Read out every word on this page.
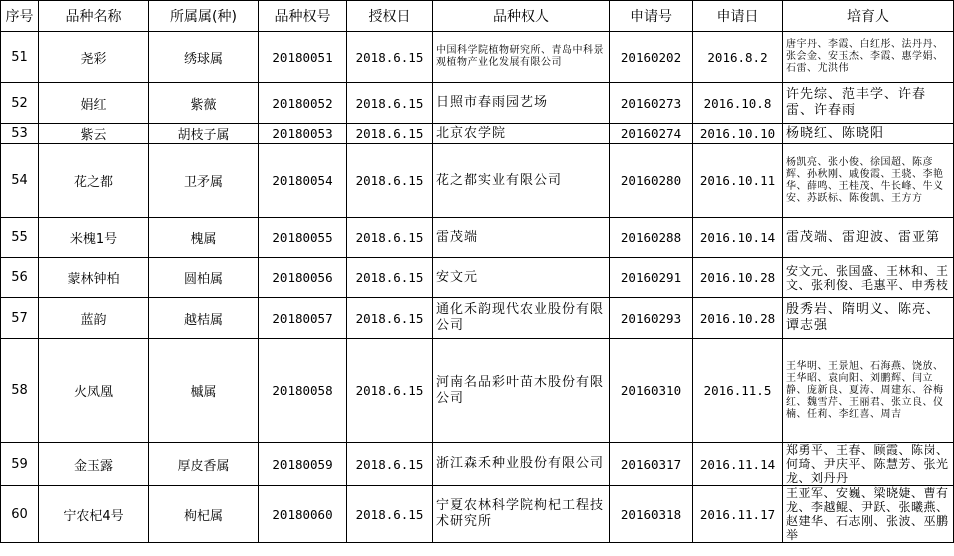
序号	品种名称	所属属(种)	品种权号	授权日	品种权人	申请号	申请日	培育人
51	尧彩	绣球属	20180051	2018.6.15	中国科学院植物研究所、青岛中科景观植物产业化发展有限公司	20160202	2016.8.2	唐宇丹、李霞、白红彤、法丹丹、张会金、安玉杰、李霞、惠学娟、石雷、尤洪伟
52	娟红	紫薇	20180052	2018.6.15	日照市春雨园艺场	20160273	2016.10.8	许先综、范丰学、许春雷、许春雨
53	紫云	胡枝子属	20180053	2018.6.15	北京农学院	20160274	2016.10.10	杨晓红、陈晓阳
54	花之都	卫矛属	20180054	2018.6.15	花之都实业有限公司	20160280	2016.10.11	杨凯亮、张小俊、徐国超、陈彦辉、孙秋刚、戚俊霞、王骁、李艳华、薛鸣、王桂茂、牛长峰、牛义安、苏跃标、陈俊凯、王方方
55	米槐1号	槐属	20180055	2018.6.15	雷茂端	20160288	2016.10.14	雷茂端、雷迎波、雷亚第
56	蒙林钟柏	圆柏属	20180056	2018.6.15	安文元	20160291	2016.10.28	安文元、张国盛、王林和、王文、张利俊、毛惠平、申秀枝
57	蓝韵	越桔属	20180057	2018.6.15	通化禾韵现代农业股份有限公司	20160293	2016.10.28	殷秀岩、隋明义、陈亮、谭志强
58	火凤凰	槭属	20180058	2018.6.15	河南名品彩叶苗木股份有限公司	20160310	2016.11.5	王华明、王景旭、石海燕、饶放、王华昭、袁向阳、刘鹏辉、闫立静、庞新良、夏涛、周建东、谷梅红、魏雪芹、王丽君、张立良、仪楠、任莉、李红喜、周吉
59	金玉露	厚皮香属	20180059	2018.6.15	浙江森禾种业股份有限公司	20160317	2016.11.14	郑勇平、王春、顾霞、陈岗、何琦、尹庆平、陈慧芳、张光龙、刘丹丹
60	宁农杞4号	枸杞属	20180060	2018.6.15	宁夏农林科学院枸杞工程技术研究所	20160318	2016.11.17	王亚军、安巍、梁晓婕、曹有龙、李越鲲、尹跃、张曦燕、赵建华、石志刚、张波、巫鹏举
